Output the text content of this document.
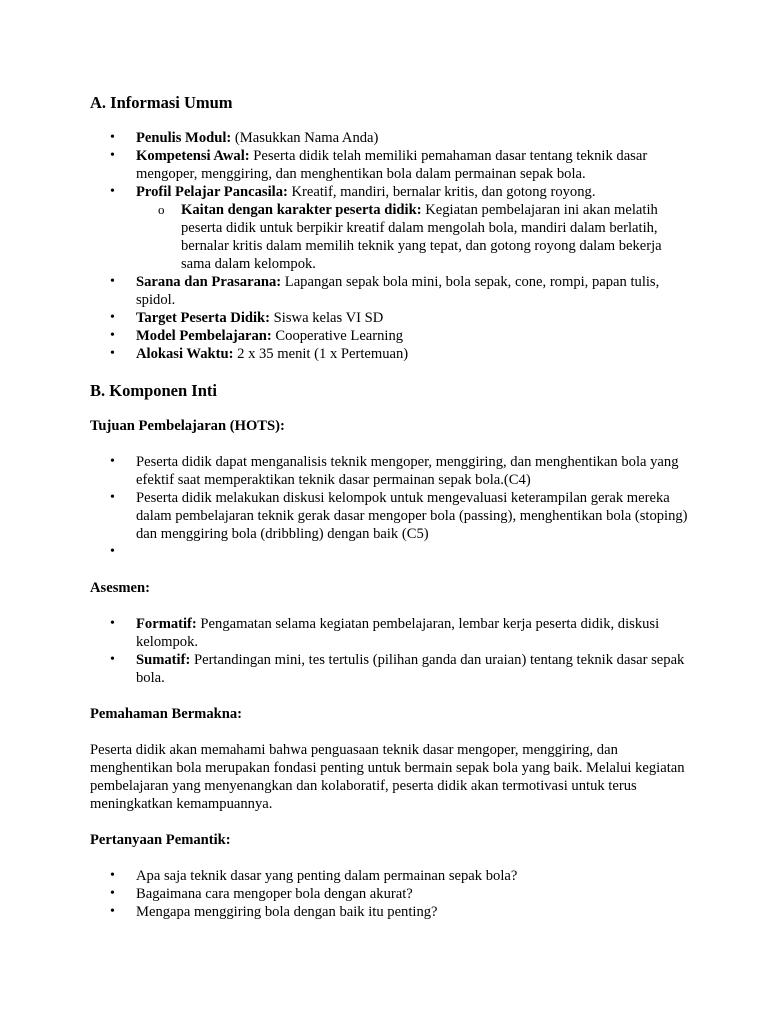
A. Informasi Umum
• Penulis Modul: (Masukkan Nama Anda)
• Kompetensi Awal: Peserta didik telah memiliki pemahaman dasar tentang teknik dasar mengoper, menggiring, dan menghentikan bola dalam permainan sepak bola.
• Profil Pelajar Pancasila: Kreatif, mandiri, bernalar kritis, dan gotong royong.
o Kaitan dengan karakter peserta didik: Kegiatan pembelajaran ini akan melatih peserta didik untuk berpikir kreatif dalam mengolah bola, mandiri dalam berlatih, bernalar kritis dalam memilih teknik yang tepat, dan gotong royong dalam bekerja sama dalam kelompok.
• Sarana dan Prasarana: Lapangan sepak bola mini, bola sepak, cone, rompi, papan tulis, spidol.
• Target Peserta Didik: Siswa kelas VI SD
• Model Pembelajaran: Cooperative Learning
• Alokasi Waktu: 2 x 35 menit (1 x Pertemuan)
B. Komponen Inti

Tujuan Pembelajaran (HOTS):

• Peserta didik dapat menganalisis teknik mengoper, menggiring, dan menghentikan bola yang efektif saat memperaktikan teknik dasar permainan sepak bola.(C4)
• Peserta didik melakukan diskusi kelompok untuk mengevaluasi keterampilan gerak mereka dalam pembelajaran teknik gerak dasar mengoper bola (passing), menghentikan bola (stoping) dan menggiring bola (dribbling) dengan baik (C5)
•

Asesmen:

• Formatif: Pengamatan selama kegiatan pembelajaran, lembar kerja peserta didik, diskusi kelompok.
• Sumatif: Pertandingan mini, tes tertulis (pilihan ganda dan uraian) tentang teknik dasar sepak bola.

Pemahaman Bermakna:

Peserta didik akan memahami bahwa penguasaan teknik dasar mengoper, menggiring, dan menghentikan bola merupakan fondasi penting untuk bermain sepak bola yang baik. Melalui kegiatan pembelajaran yang menyenangkan dan kolaboratif, peserta didik akan termotivasi untuk terus meningkatkan kemampuannya.

Pertanyaan Pemantik:

• Apa saja teknik dasar yang penting dalam permainan sepak bola?
• Bagaimana cara mengoper bola dengan akurat?
• Mengapa menggiring bola dengan baik itu penting?
